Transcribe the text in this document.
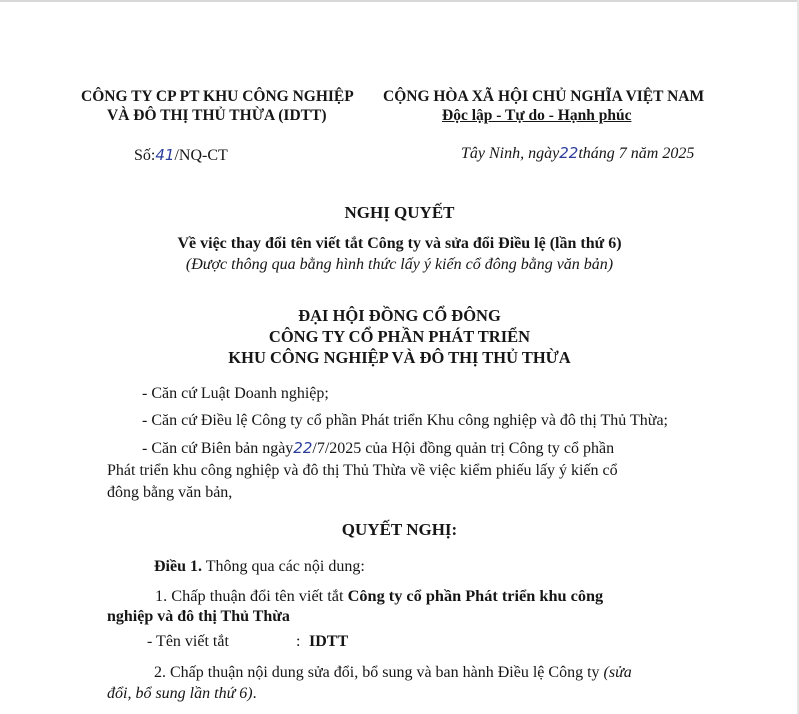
CÔNG TY CP PT KHU CÔNG NGHIỆP
VÀ ĐÔ THỊ THỦ THỪA (IDTT)
CỘNG HÒA XÃ HỘI CHỦ NGHĨA VIỆT NAM
Độc lập - Tự do - Hạnh phúc
Số:41/NQ-CT	Tây Ninh, ngày22tháng 7 năm 2025
NGHỊ QUYẾT
Về việc thay đổi tên viết tắt Công ty và sửa đổi Điều lệ (lần thứ 6)
(Được thông qua bằng hình thức lấy ý kiến cổ đông bằng văn bản)
ĐẠI HỘI ĐỒNG CỔ ĐÔNG
CÔNG TY CỔ PHẦN PHÁT TRIỂN
KHU CÔNG NGHIỆP VÀ ĐÔ THỊ THỦ THỪA
- Căn cứ Luật Doanh nghiệp;
- Căn cứ Điều lệ Công ty cổ phần Phát triển Khu công nghiệp và đô thị Thủ Thừa;
- Căn cứ Biên bản ngày22/7/2025 của Hội đồng quản trị Công ty cổ phần
Phát triển khu công nghiệp và đô thị Thủ Thừa về việc kiểm phiếu lấy ý kiến cổ
đông bằng văn bản,
QUYẾT NGHỊ:
Điều 1. Thông qua các nội dung:
1. Chấp thuận đổi tên viết tắt Công ty cổ phần Phát triển khu công
nghiệp và đô thị Thủ Thừa
- Tên viết tắt	: IDTT
2. Chấp thuận nội dung sửa đổi, bổ sung và ban hành Điều lệ Công ty (sửa
đổi, bổ sung lần thứ 6).
